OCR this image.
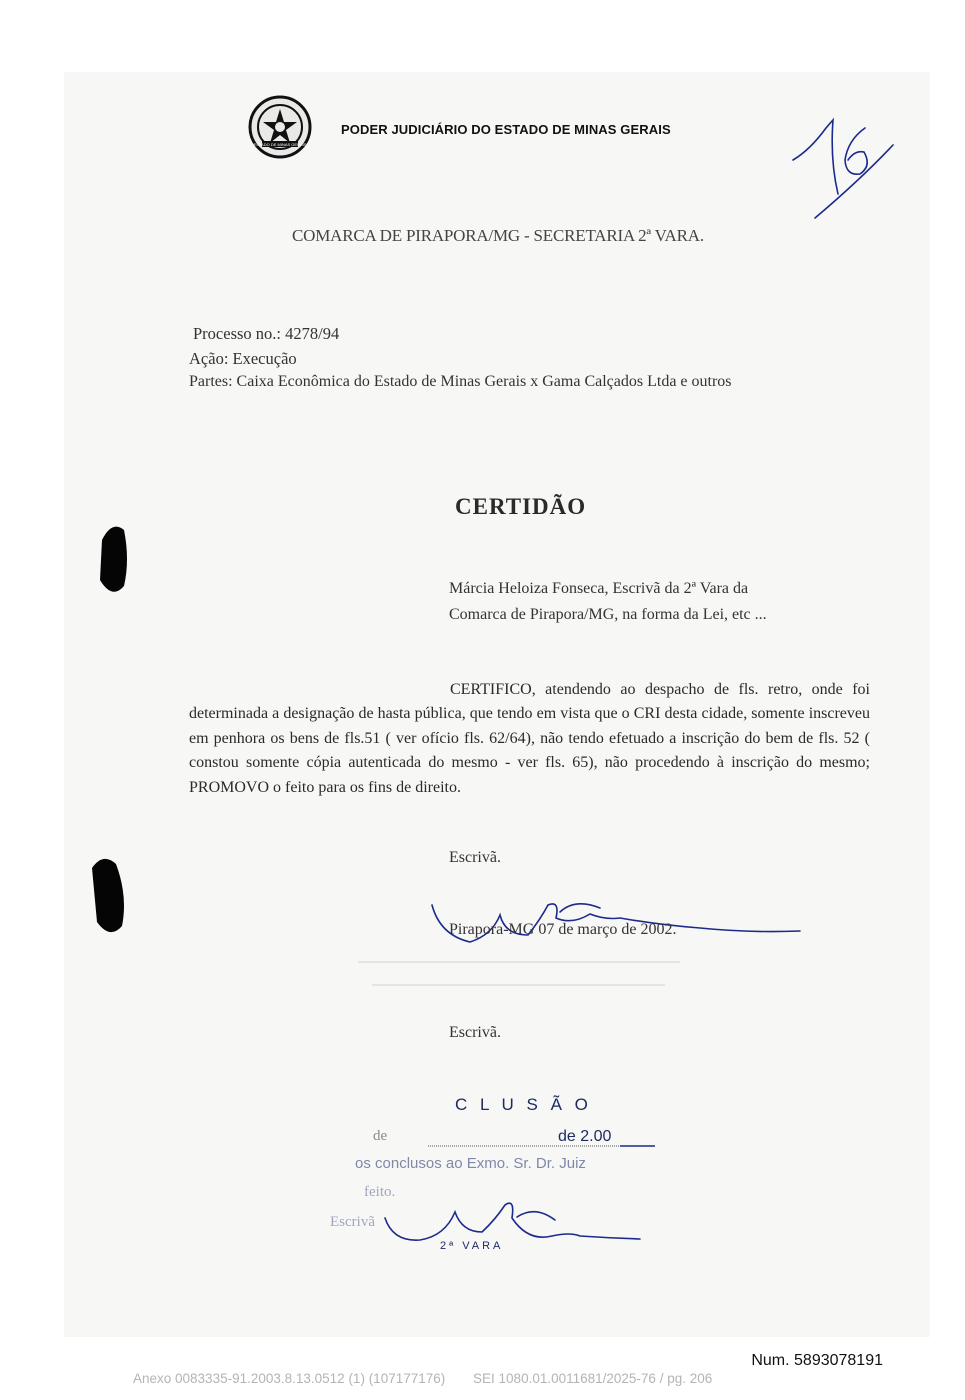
ESTADO DE MINAS GERAIS
PODER JUDICIÁRIO DO ESTADO DE MINAS GERAIS
COMARCA DE PIRAPORA/MG - SECRETARIA 2ª VARA.
Processo no.: 4278/94
Ação: Execução
Partes: Caixa Econômica do Estado de Minas Gerais x Gama Calçados Ltda e outros
CERTIDÃO
Márcia Heloiza Fonseca, Escrivã da 2ª Vara da
Comarca de Pirapora/MG, na forma da Lei, etc ...
CERTIFICO, atendendo ao despacho de fls. retro, onde foi determinada a designação de hasta pública, que tendo em vista que o CRI desta cidade, somente inscreveu em penhora os bens de fls.51 ( ver ofício fls. 62/64), não tendo efetuado a inscrição do bem de fls. 52 ( constou somente cópia autenticada do mesmo - ver fls. 65), não procedendo à inscrição do mesmo; PROMOVO o feito para os fins de direito.
Escrivã.
Pirapora-MG 07 de março de 2002.
Escrivã.
C L U S Ã O
de	de 2.00
os conclusos ao Exmo. Sr. Dr. Juiz
feito.
Escrivã
2ª VARA
Num. 5893078191
Anexo 0083335-91.2003.8.13.0512 (1) (107177176) SEI 1080.01.0011681/2025-76 / pg. 206
